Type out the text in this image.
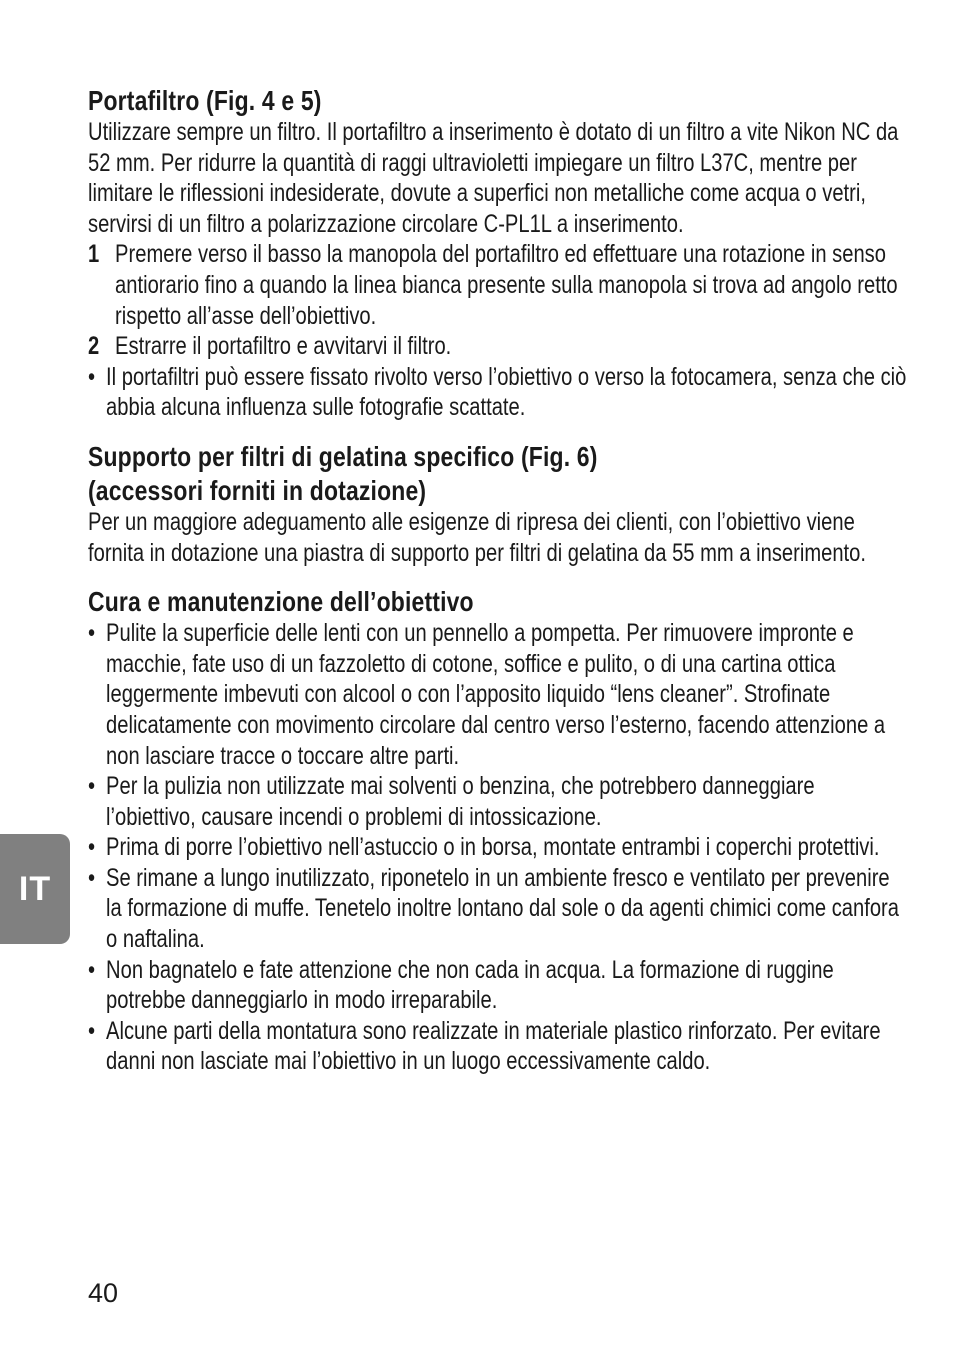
Portafiltro (Fig. 4 e 5)

Utilizzare sempre un filtro. Il portafiltro a inserimento è dotato di un filtro a vite Nikon NC da 52 mm. Per ridurre la quantità di raggi ultravioletti impiegare un filtro L37C, mentre per limitare le riflessioni indesiderate, dovute a superfici non metalliche come acqua o vetri, servirsi di un filtro a polarizzazione circolare C-PL1L a inserimento.

1 Premere verso il basso la manopola del portafiltro ed effettuare una rotazione in senso antiorario fino a quando la linea bianca presente sulla manopola si trova ad angolo retto rispetto all’asse dell’obiettivo.
2 Estrarre il portafiltro e avvitarvi il filtro.
• Il portafiltri può essere fissato rivolto verso l’obiettivo o verso la fotocamera, senza che ciò abbia alcuna influenza sulle fotografie scattate.
Supporto per filtri di gelatina specifico (Fig. 6)
(accessori forniti in dotazione)

Per un maggiore adeguamento alle esigenze di ripresa dei clienti, con l’obiettivo viene fornita in dotazione una piastra di supporto per filtri di gelatina da 55 mm a inserimento.

Cura e manutenzione dell’obiettivo
• Pulite la superficie delle lenti con un pennello a pompetta. Per rimuovere impronte e macchie, fate uso di un fazzoletto di cotone, soffice e pulito, o di una cartina ottica leggermente imbevuti con alcool o con l’apposito liquido “lens cleaner”. Strofinate delicatamente con movimento circolare dal centro verso l’esterno, facendo attenzione a non lasciare tracce o toccare altre parti.
• Per la pulizia non utilizzate mai solventi o benzina, che potrebbero danneggiare l’obiettivo, causare incendi o problemi di intossicazione.
• Prima di porre l’obiettivo nell’astuccio o in borsa, montate entrambi i coperchi protettivi.
• Se rimane a lungo inutilizzato, riponetelo in un ambiente fresco e ventilato per prevenire la formazione di muffe. Tenetelo inoltre lontano dal sole o da agenti chimici come canfora o naftalina.
• Non bagnatelo e fate attenzione che non cada in acqua. La formazione di ruggine potrebbe danneggiarlo in modo irreparabile.
• Alcune parti della montatura sono realizzate in materiale plastico rinforzato. Per evitare danni non lasciate mai l’obiettivo in un luogo eccessivamente caldo.
IT
40
